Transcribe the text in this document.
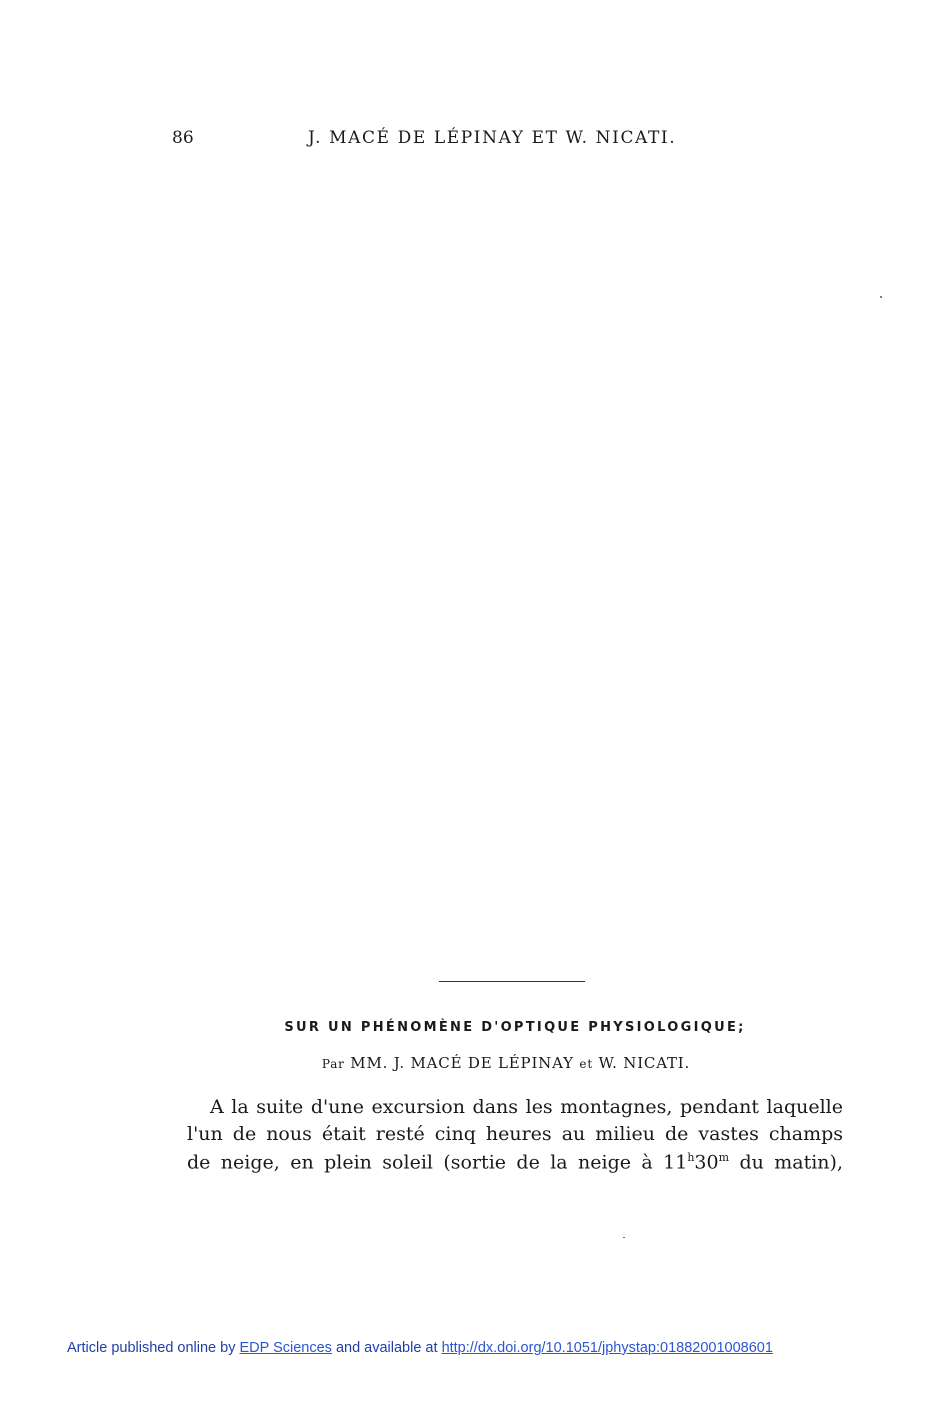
86	J. MACÉ DE LÉPINAY ET W. NICATI.
SUR UN PHÉNOMÈNE D'OPTIQUE PHYSIOLOGIQUE;
Par MM. J. MACÉ DE LÉPINAY et W. NICATI.
A la suite d'une excursion dans les montagnes, pendant laquelle
l'un de nous était resté cinq heures au milieu de vastes champs
de neige, en plein soleil (sortie de la neige à 11$^h$30$^m$ du matin),
Article published online by EDP Sciences and available at http://dx.doi.org/10.1051/jphystap:01882001008601
